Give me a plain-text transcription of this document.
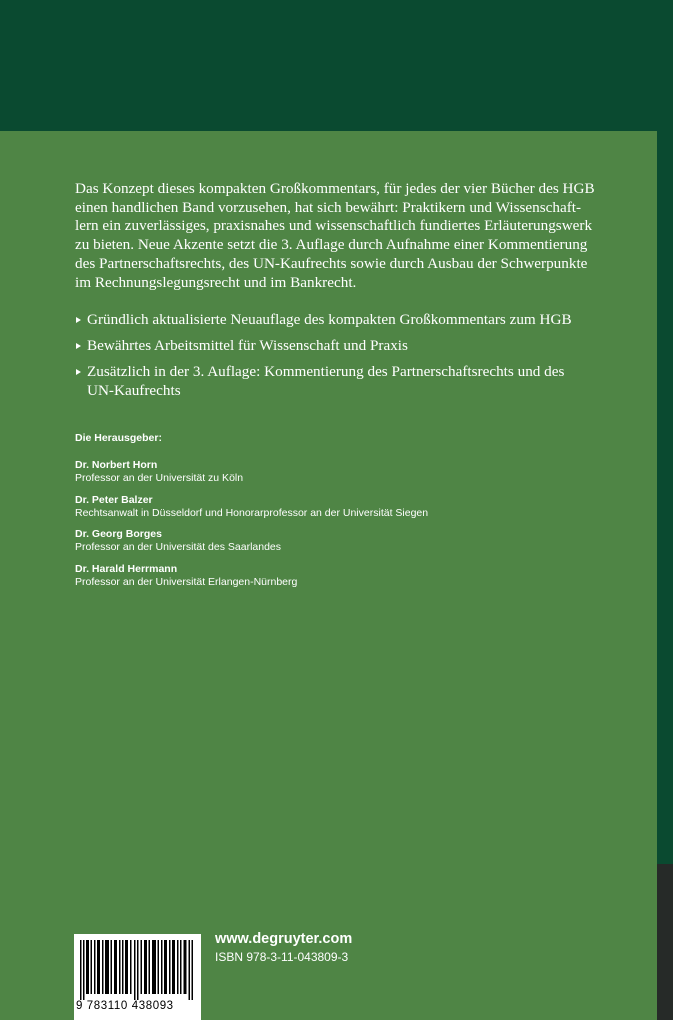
Das Konzept dieses kompakten Großkommentars, für jedes der vier Bücher des HGB
einen handlichen Band vorzusehen, hat sich bewährt: Praktikern und Wissenschaft-
lern ein zuverlässiges, praxisnahes und wissenschaftlich fundiertes Erläuterungswerk
zu bieten. Neue Akzente setzt die 3. Auflage durch Aufnahme einer Kommentierung
des Partnerschaftsrechts, des UN-Kaufrechts sowie durch Ausbau der Schwerpunkte
im Rechnungslegungsrecht und im Bankrecht.
Gründlich aktualisierte Neuauflage des kompakten Großkommentars zum HGB
Bewährtes Arbeitsmittel für Wissenschaft und Praxis
Zusätzlich in der 3. Auflage: Kommentierung des Partnerschaftsrechts und des UN-Kaufrechts
Die Herausgeber:
Dr. Norbert Horn
Professor an der Universität zu Köln
Dr. Peter Balzer
Rechtsanwalt in Düsseldorf und Honorarprofessor an der Universität Siegen
Dr. Georg Borges
Professor an der Universität des Saarlandes
Dr. Harald Herrmann
Professor an der Universität Erlangen-Nürnberg
9 783110 438093
www.degruyter.com
ISBN 978-3-11-043809-3
